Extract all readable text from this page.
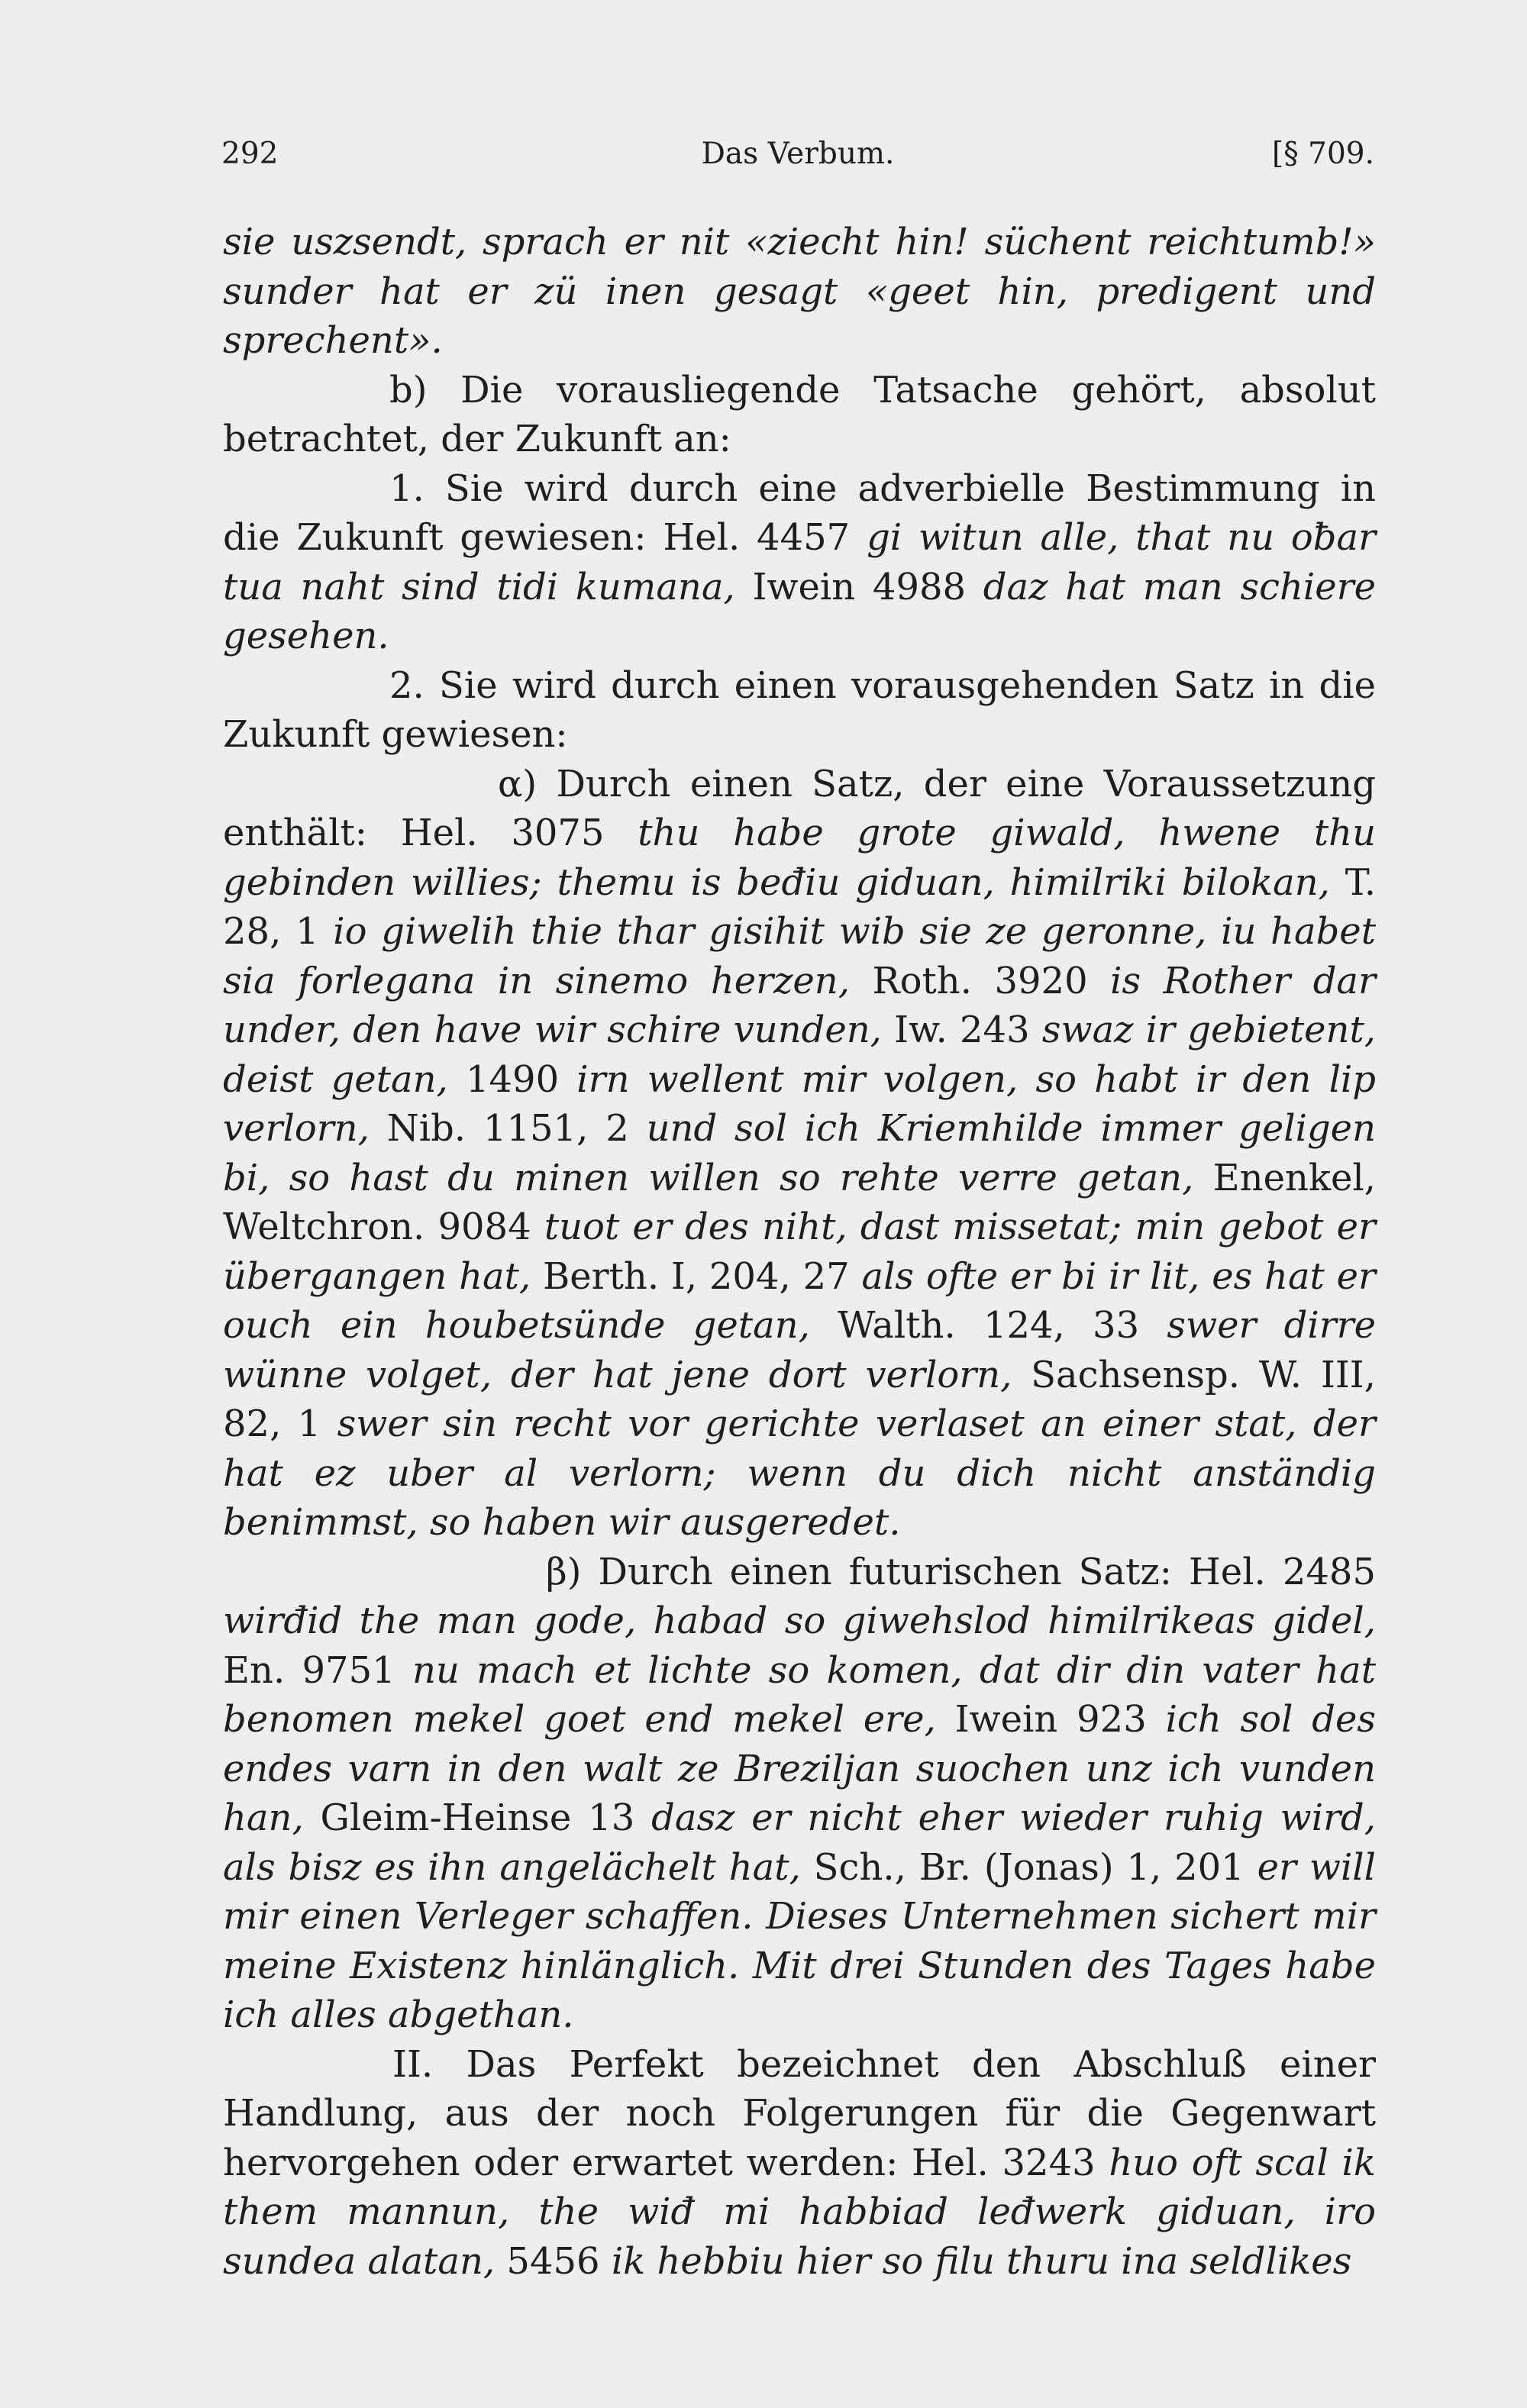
292	Das Verbum.	[§ 709.

sie uszsendt, sprach er nit «ziecht hin! süchent reichtumb!» sunder hat er zü inen gesagt «geet hin, predigent und sprechent».

b) Die vorausliegende Tatsache gehört, absolut betrachtet, der Zukunft an:

1. Sie wird durch eine adverbielle Bestimmung in die Zukunft gewiesen: Hel. 4457 gi witun alle, that nu oƀar tua naht sind tidi kumana, Iwein 4988 daz hat man schiere gesehen.

2. Sie wird durch einen vorausgehenden Satz in die Zukunft gewiesen:

α) Durch einen Satz, der eine Voraussetzung enthält: Hel. 3075 thu habe grote giwald, hwene thu gebinden willies; themu is beđiu giduan, himilriki bilokan, T. 28, 1 io giwelih thie thar gisihit wib sie ze geronne, iu habet sia forlegana in sinemo herzen, Roth. 3920 is Rother dar under, den have wir schire vunden, Iw. 243 swaz ir gebietent, deist getan, 1490 irn wellent mir volgen, so habt ir den lip verlorn, Nib. 1151, 2 und sol ich Kriemhilde immer geligen bi, so hast du minen willen so rehte verre getan, Enenkel, Weltchron. 9084 tuot er des niht, dast missetat; min gebot er übergangen hat, Berth. I, 204, 27 als ofte er bi ir lit, es hat er ouch ein houbetsünde getan, Walth. 124, 33 swer dirre wünne volget, der hat jene dort verlorn, Sachsensp. W. III, 82, 1 swer sin recht vor gerichte verlaset an einer stat, der hat ez uber al verlorn; wenn du dich nicht anständig benimmst, so haben wir ausgeredet.

β) Durch einen futurischen Satz: Hel. 2485 wirđid the man gode, habad so giwehslod himilrikeas gidel, En. 9751 nu mach et lichte so komen, dat dir din vater hat benomen mekel goet end mekel ere, Iwein 923 ich sol des endes varn in den walt ze Breziljan suochen unz ich vunden han, Gleim-Heinse 13 dasz er nicht eher wieder ruhig wird, als bisz es ihn angelächelt hat, Sch., Br. (Jonas) 1, 201 er will mir einen Verleger schaffen. Dieses Unternehmen sichert mir meine Existenz hinlänglich. Mit drei Stunden des Tages habe ich alles abgethan.

II. Das Perfekt bezeichnet den Abschluß einer Handlung, aus der noch Folgerungen für die Gegenwart hervorgehen oder erwartet werden: Hel. 3243 huo oft scal ik them mannun, the wiđ mi habbiad leđwerk giduan, iro sundea alatan, 5456 ik hebbiu hier so filu thuru ina seldlikes
